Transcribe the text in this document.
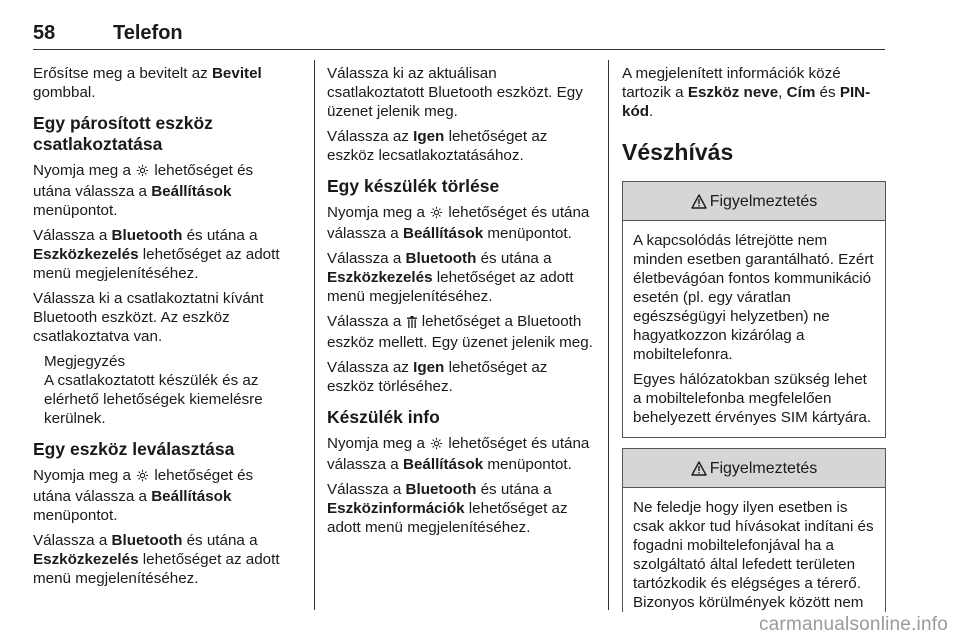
58	Telefon

Erősítse meg a bevitelt az Bevitel gombbal.

Egy párosított eszköz csatlakoztatása

Nyomja meg a  lehetőséget és utána válassza a Beállítások menüpontot.

Válassza a Bluetooth és utána a Eszközkezelés lehetőséget az adott menü megjelenítéséhez.

Válassza ki a csatlakoztatni kívánt Bluetooth eszközt. Az eszköz csatlakoztatva van.

Megjegyzés
A csatlakoztatott készülék és az elérhető lehetőségek kiemelésre kerülnek.
Egy eszköz leválasztása

Nyomja meg a  lehetőséget és utána válassza a Beállítások menüpontot.

Válassza a Bluetooth és utána a Eszközkezelés lehetőséget az adott menü megjelenítéséhez.

Válassza ki az aktuálisan csatlakoztatott Bluetooth eszközt. Egy üzenet jelenik meg.

Válassza az Igen lehetőséget az eszköz lecsatlakoztatásához.

Egy készülék törlése

Nyomja meg a  lehetőséget és utána válassza a Beállítások menüpontot.

Válassza a Bluetooth és utána a Eszközkezelés lehetőséget az adott menü megjelenítéséhez.

Válassza a  lehetőséget a Bluetooth eszköz mellett. Egy üzenet jelenik meg.

Válassza az Igen lehetőséget az eszköz törléséhez.

Készülék info

Nyomja meg a  lehetőséget és utána válassza a Beállítások menüpontot.

Válassza a Bluetooth és utána a Eszközinformációk lehetőséget az adott menü megjelenítéséhez.

A megjelenített információk közé tartozik a Eszköz neve, Cím és PIN-kód.

Vészhívás
Figyelmeztetés

A kapcsolódás létrejötte nem minden esetben garantálható. Ezért életbevágóan fontos kommunikáció esetén (pl. egy váratlan egészségügyi helyzetben) ne hagyatkozzon kizárólag a mobiltelefonra.

Egyes hálózatokban szükség lehet a mobiltelefonba megfelelően behelyezett érvényes SIM kártyára.

Figyelmeztetés

Ne feledje hogy ilyen esetben is csak akkor tud hívásokat indítani és fogadni mobiltelefonjával ha a szolgáltató által lefedett területen tartózkodik és elégséges a térerő. Bizonyos körülmények között nem

carmanualsonline.info
